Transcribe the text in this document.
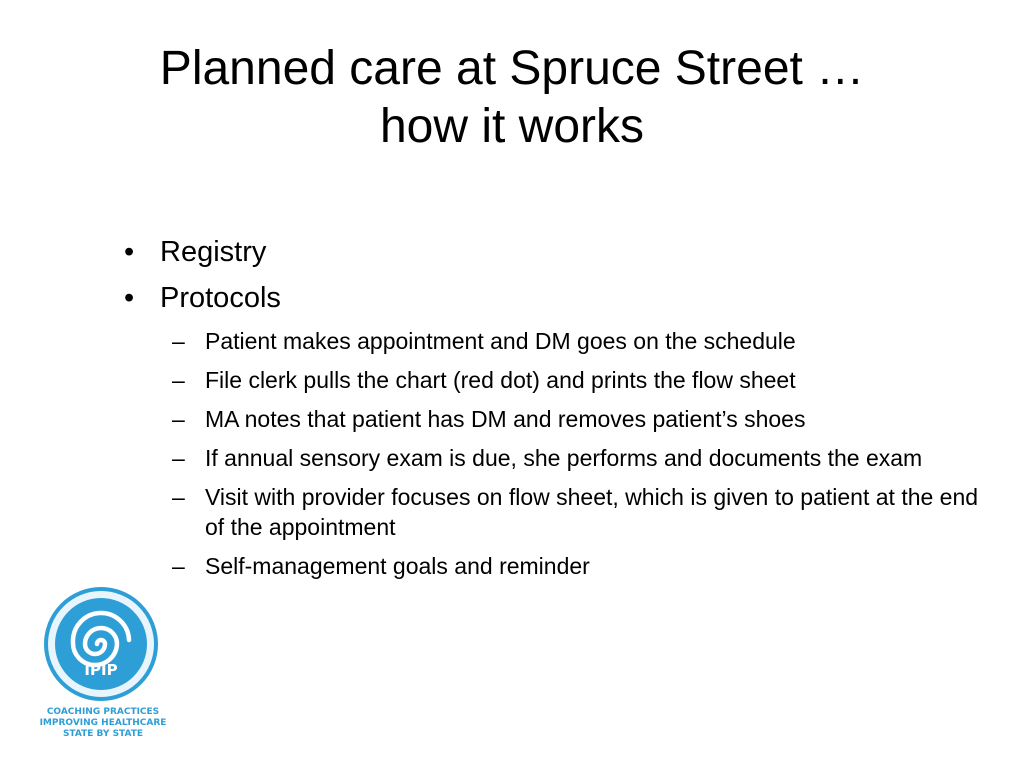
Planned care at Spruce Street …
how it works
• Registry
• Protocols
– Patient makes appointment and DM goes on the schedule
– File clerk pulls the chart (red dot) and prints the flow sheet
– MA notes that patient has DM and removes patient’s shoes
– If annual sensory exam is due, she performs and documents the exam
– Visit with provider focuses on flow sheet, which is given to patient at the end of the appointment
– Self-management goals and reminder
IPIP
COACHING PRACTICES
IMPROVING HEALTHCARE
STATE BY STATE
